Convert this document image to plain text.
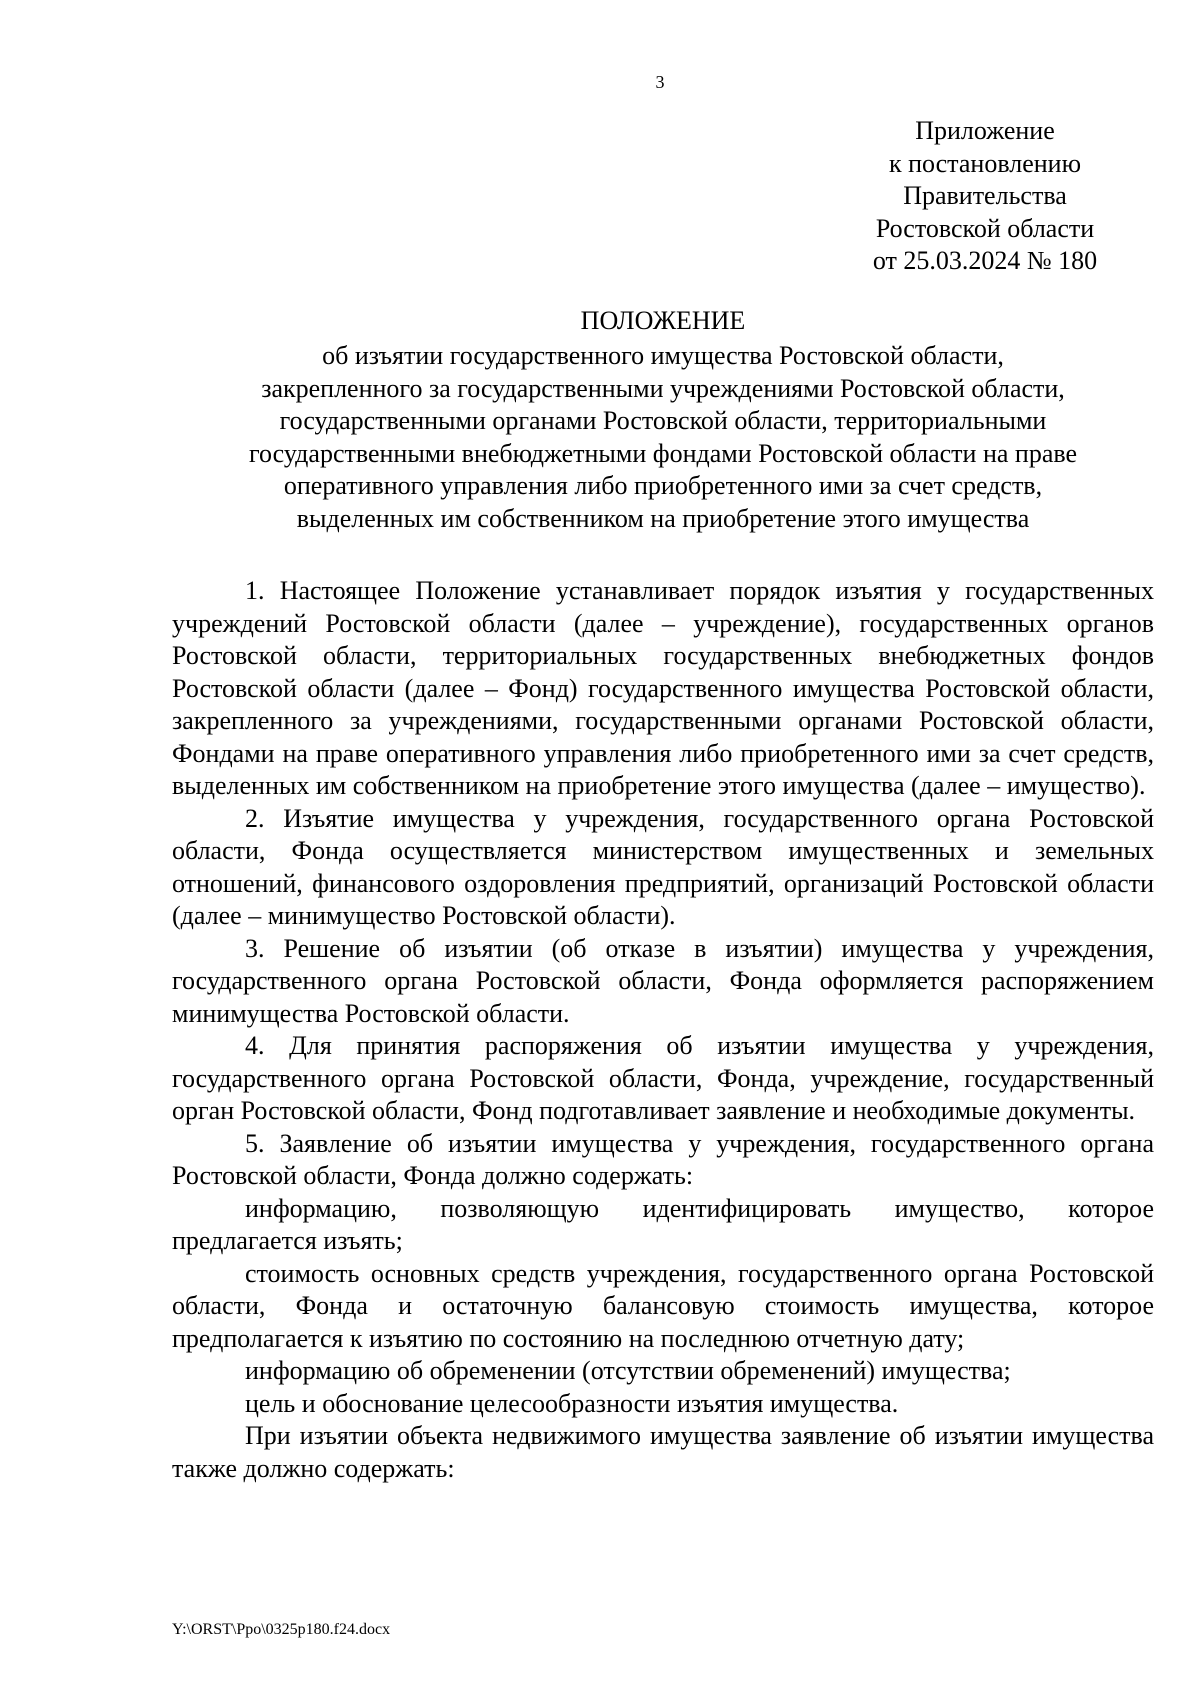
3
Приложение
к постановлению
Правительства
Ростовской области
от 25.03.2024 № 180
ПОЛОЖЕНИЕ
об изъятии государственного имущества Ростовской области,
закрепленного за государственными учреждениями Ростовской области,
государственными органами Ростовской области, территориальными
государственными внебюджетными фондами Ростовской области на праве
оперативного управления либо приобретенного ими за счет средств,
выделенных им собственником на приобретение этого имущества

1. Настоящее Положение устанавливает порядок изъятия у государственных учреждений Ростовской области (далее – учреждение), государственных органов Ростовской области, территориальных государственных внебюджетных фондов Ростовской области (далее – Фонд) государственного имущества Ростовской области, закрепленного за учреждениями, государственными органами Ростовской области, Фондами на праве оперативного управления либо приобретенного ими за счет средств, выделенных им собственником на приобретение этого имущества (далее – имущество).

2. Изъятие имущества у учреждения, государственного органа Ростовской области, Фонда осуществляется министерством имущественных и земельных отношений, финансового оздоровления предприятий, организаций Ростовской области (далее – минимущество Ростовской области).

3. Решение об изъятии (об отказе в изъятии) имущества у учреждения, государственного органа Ростовской области, Фонда оформляется распоряжением минимущества Ростовской области.

4. Для принятия распоряжения об изъятии имущества у учреждения, государственного органа Ростовской области, Фонда, учреждение, государственный орган Ростовской области, Фонд подготавливает заявление и необходимые документы.

5. Заявление об изъятии имущества у учреждения, государственного органа Ростовской области, Фонда должно содержать:

информацию, позволяющую идентифицировать имущество, которое предлагается изъять;

стоимость основных средств учреждения, государственного органа Ростовской области, Фонда и остаточную балансовую стоимость имущества, которое предполагается к изъятию по состоянию на последнюю отчетную дату;

информацию об обременении (отсутствии обременений) имущества;

цель и обоснование целесообразности изъятия имущества.

При изъятии объекта недвижимого имущества заявление об изъятии имущества также должно содержать:

Y:\ORST\Ppo\0325p180.f24.docx
